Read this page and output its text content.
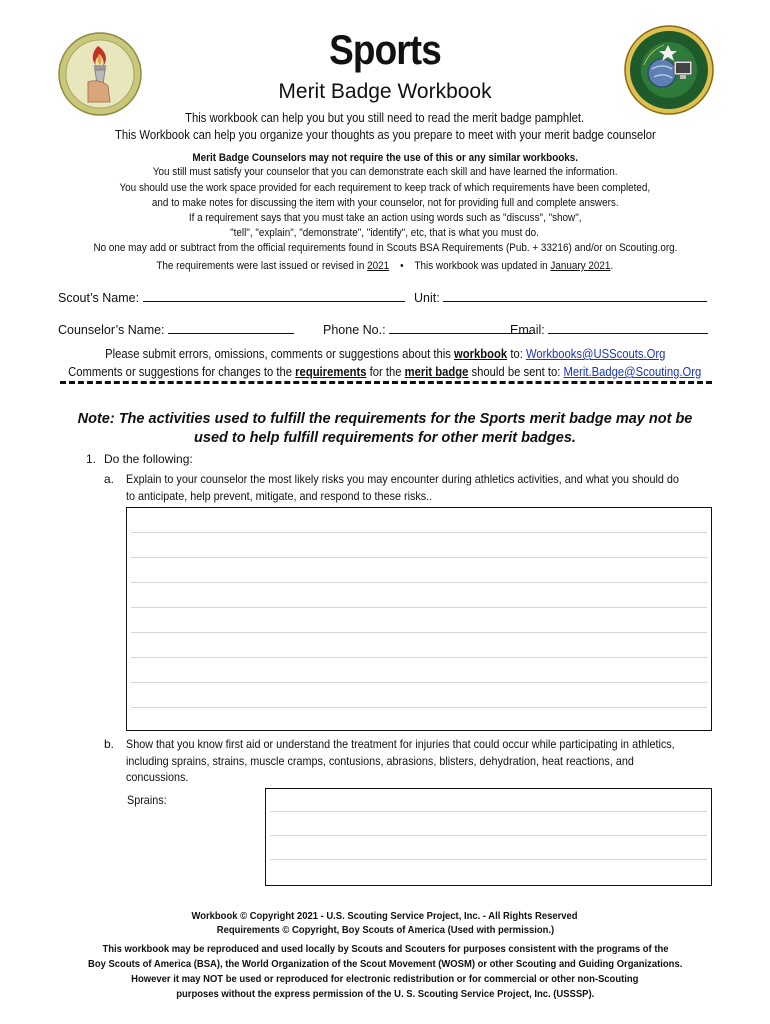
Sports
Merit Badge Workbook
This workbook can help you but you still need to read the merit badge pamphlet.
This Workbook can help you organize your thoughts as you prepare to meet with your merit badge counselor
Merit Badge Counselors may not require the use of this or any similar workbooks.
You still must satisfy your counselor that you can demonstrate each skill and have learned the information.
You should use the work space provided for each requirement to keep track of which requirements have been completed,
and to make notes for discussing the item with your counselor, not for providing full and complete answers.
If a requirement says that you must take an action using words such as "discuss", "show",
"tell", "explain", "demonstrate", "identify", etc, that is what you must do.
No one may add or subtract from the official requirements found in Scouts BSA Requirements (Pub. + 33216) and/or on Scouting.org.
The requirements were last issued or revised in 2021 • This workbook was updated in January 2021.
Scout’s Name:	Unit:
Counselor’s Name:	Phone No.:	Email:
Please submit errors, omissions, comments or suggestions about this workbook to: Workbooks@USScouts.Org
Comments or suggestions for changes to the requirements for the merit badge should be sent to: Merit.Badge@Scouting.Org
Note: The activities used to fulfill the requirements for the Sports merit badge may not be
used to help fulfill requirements for other merit badges.
1. Do the following:
a. Explain to your counselor the most likely risks you may encounter during athletics activities, and what you should do
to anticipate, help prevent, mitigate, and respond to these risks..
b. Show that you know first aid or understand the treatment for injuries that could occur while participating in athletics,
including sprains, strains, muscle cramps, contusions, abrasions, blisters, dehydration, heat reactions, and
concussions.
Sprains:
Workbook © Copyright 2021 - U.S. Scouting Service Project, Inc. - All Rights Reserved
Requirements © Copyright, Boy Scouts of America (Used with permission.)
This workbook may be reproduced and used locally by Scouts and Scouters for purposes consistent with the programs of the
Boy Scouts of America (BSA), the World Organization of the Scout Movement (WOSM) or other Scouting and Guiding Organizations.
However it may NOT be used or reproduced for electronic redistribution or for commercial or other non-Scouting
purposes without the express permission of the U. S. Scouting Service Project, Inc. (USSSP).
